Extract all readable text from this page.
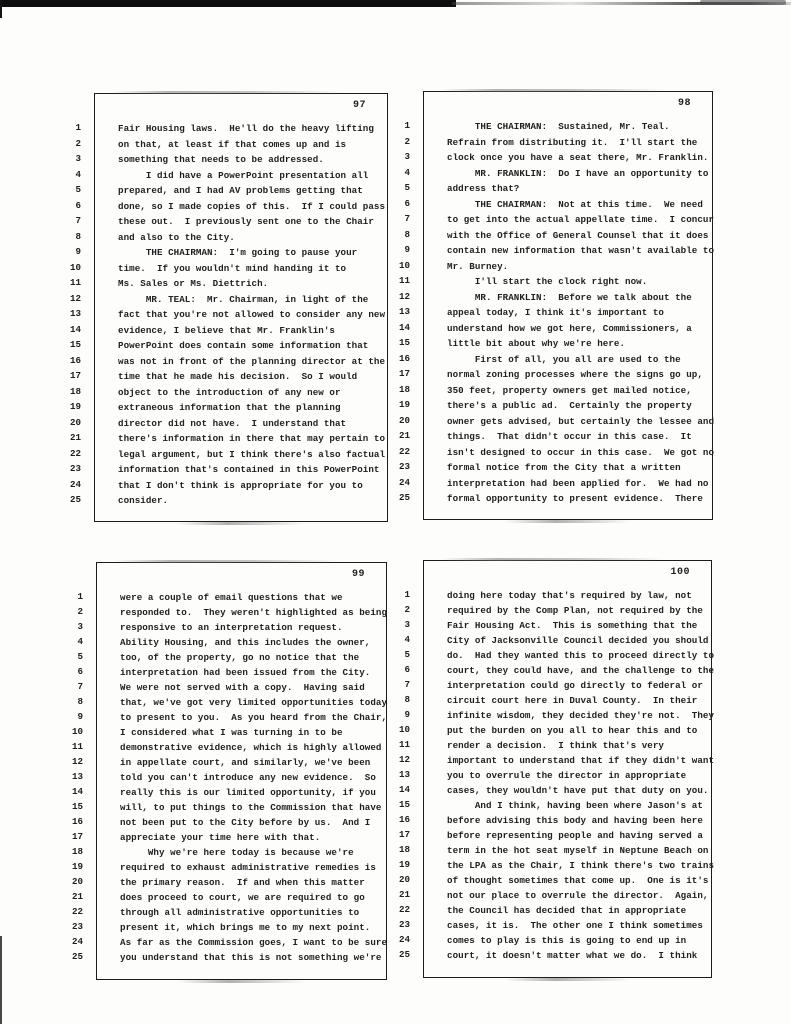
1
2
3
4
5
6
7
8
9
10
11
12
13
14
15
16
17
18
19
20
21
22
23
24
25
97
Fair Housing laws.  He'll do the heavy lifting
on that, at least if that comes up and is
something that needs to be addressed.
I did have a PowerPoint presentation all
prepared, and I had AV problems getting that
done, so I made copies of this.  If I could pass
these out.  I previously sent one to the Chair
and also to the City.
THE CHAIRMAN:  I'm going to pause your
time.  If you wouldn't mind handing it to
Ms. Sales or Ms. Diettrich.
MR. TEAL:  Mr. Chairman, in light of the
fact that you're not allowed to consider any new
evidence, I believe that Mr. Franklin's
PowerPoint does contain some information that
was not in front of the planning director at the
time that he made his decision.  So I would
object to the introduction of any new or
extraneous information that the planning
director did not have.  I understand that
there's information in there that may pertain to
legal argument, but I think there's also factual
information that's contained in this PowerPoint
that I don't think is appropriate for you to
consider.
1
2
3
4
5
6
7
8
9
10
11
12
13
14
15
16
17
18
19
20
21
22
23
24
25
98
THE CHAIRMAN:  Sustained, Mr. Teal.
Refrain from distributing it.  I'll start the
clock once you have a seat there, Mr. Franklin.
MR. FRANKLIN:  Do I have an opportunity to
address that?
THE CHAIRMAN:  Not at this time.  We need
to get into the actual appellate time.  I concur
with the Office of General Counsel that it does
contain new information that wasn't available to
Mr. Burney.
I'll start the clock right now.
MR. FRANKLIN:  Before we talk about the
appeal today, I think it's important to
understand how we got here, Commissioners, a
little bit about why we're here.
First of all, you all are used to the
normal zoning processes where the signs go up,
350 feet, property owners get mailed notice,
there's a public ad.  Certainly the property
owner gets advised, but certainly the lessee and
things.  That didn't occur in this case.  It
isn't designed to occur in this case.  We got no
formal notice from the City that a written
interpretation had been applied for.  We had no
formal opportunity to present evidence.  There
1
2
3
4
5
6
7
8
9
10
11
12
13
14
15
16
17
18
19
20
21
22
23
24
25
99
were a couple of email questions that we
responded to.  They weren't highlighted as being
responsive to an interpretation request.
Ability Housing, and this includes the owner,
too, of the property, go no notice that the
interpretation had been issued from the City.
We were not served with a copy.  Having said
that, we've got very limited opportunities today
to present to you.  As you heard from the Chair,
I considered what I was turning in to be
demonstrative evidence, which is highly allowed
in appellate court, and similarly, we've been
told you can't introduce any new evidence.  So
really this is our limited opportunity, if you
will, to put things to the Commission that have
not been put to the City before by us.  And I
appreciate your time here with that.
Why we're here today is because we're
required to exhaust administrative remedies is
the primary reason.  If and when this matter
does proceed to court, we are required to go
through all administrative opportunities to
present it, which brings me to my next point.
As far as the Commission goes, I want to be sure
you understand that this is not something we're
1
2
3
4
5
6
7
8
9
10
11
12
13
14
15
16
17
18
19
20
21
22
23
24
25
100
doing here today that's required by law, not
required by the Comp Plan, not required by the
Fair Housing Act.  This is something that the
City of Jacksonville Council decided you should
do.  Had they wanted this to proceed directly to
court, they could have, and the challenge to the
interpretation could go directly to federal or
circuit court here in Duval County.  In their
infinite wisdom, they decided they're not.  They
put the burden on you all to hear this and to
render a decision.  I think that's very
important to understand that if they didn't want
you to overrule the director in appropriate
cases, they wouldn't have put that duty on you.
And I think, having been where Jason's at
before advising this body and having been here
before representing people and having served a
term in the hot seat myself in Neptune Beach on
the LPA as the Chair, I think there's two trains
of thought sometimes that come up.  One is it's
not our place to overrule the director.  Again,
the Council has decided that in appropriate
cases, it is.  The other one I think sometimes
comes to play is this is going to end up in
court, it doesn't matter what we do.  I think
